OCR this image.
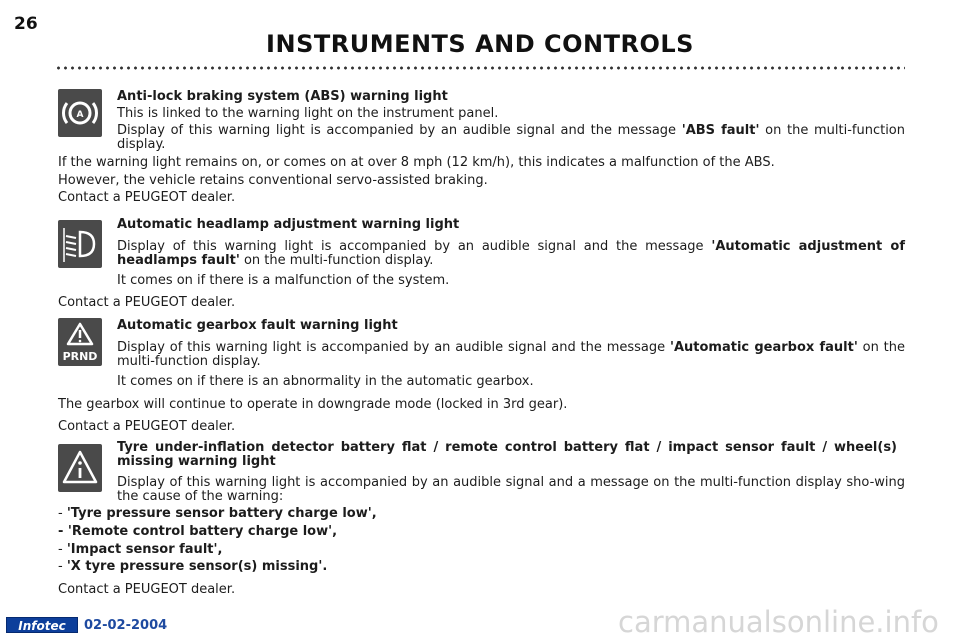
26
INSTRUMENTS AND CONTROLS
A
Anti-lock braking system (ABS) warning light
This is linked to the warning light on the instrument panel.
Display of this warning light is accompanied by an audible signal and the message 'ABS fault' on the multi-function display.
If the warning light remains on, or comes on at over 8 mph (12 km/h), this indicates a malfunction of the ABS.
However, the vehicle retains conventional servo-assisted braking.
Contact a PEUGEOT dealer.
Automatic headlamp adjustment warning light
Display of this warning light is accompanied by an audible signal and the message 'Automatic adjustment of headlamps fault' on the multi-function display.
It comes on if there is a malfunction of the system.
Contact a PEUGEOT dealer.
PRND
Automatic gearbox fault warning light
Display of this warning light is accompanied by an audible signal and the message 'Automatic gearbox fault' on the multi-function display.
It comes on if there is an abnormality in the automatic gearbox.
The gearbox will continue to operate in downgrade mode (locked in 3rd gear).
Contact a PEUGEOT dealer.
Tyre under-inflation detector battery flat / remote control battery flat / impact sensor fault / wheel(s) missing warning light
Display of this warning light is accompanied by an audible signal and a message on the multi-function display sho-wing the cause of the warning:
- 'Tyre pressure sensor battery charge low',
- 'Remote control battery charge low',
- 'Impact sensor fault',
- 'X tyre pressure sensor(s) missing'.
Contact a PEUGEOT dealer.
Infotec	02-02-2004	carmanualsonline.info
